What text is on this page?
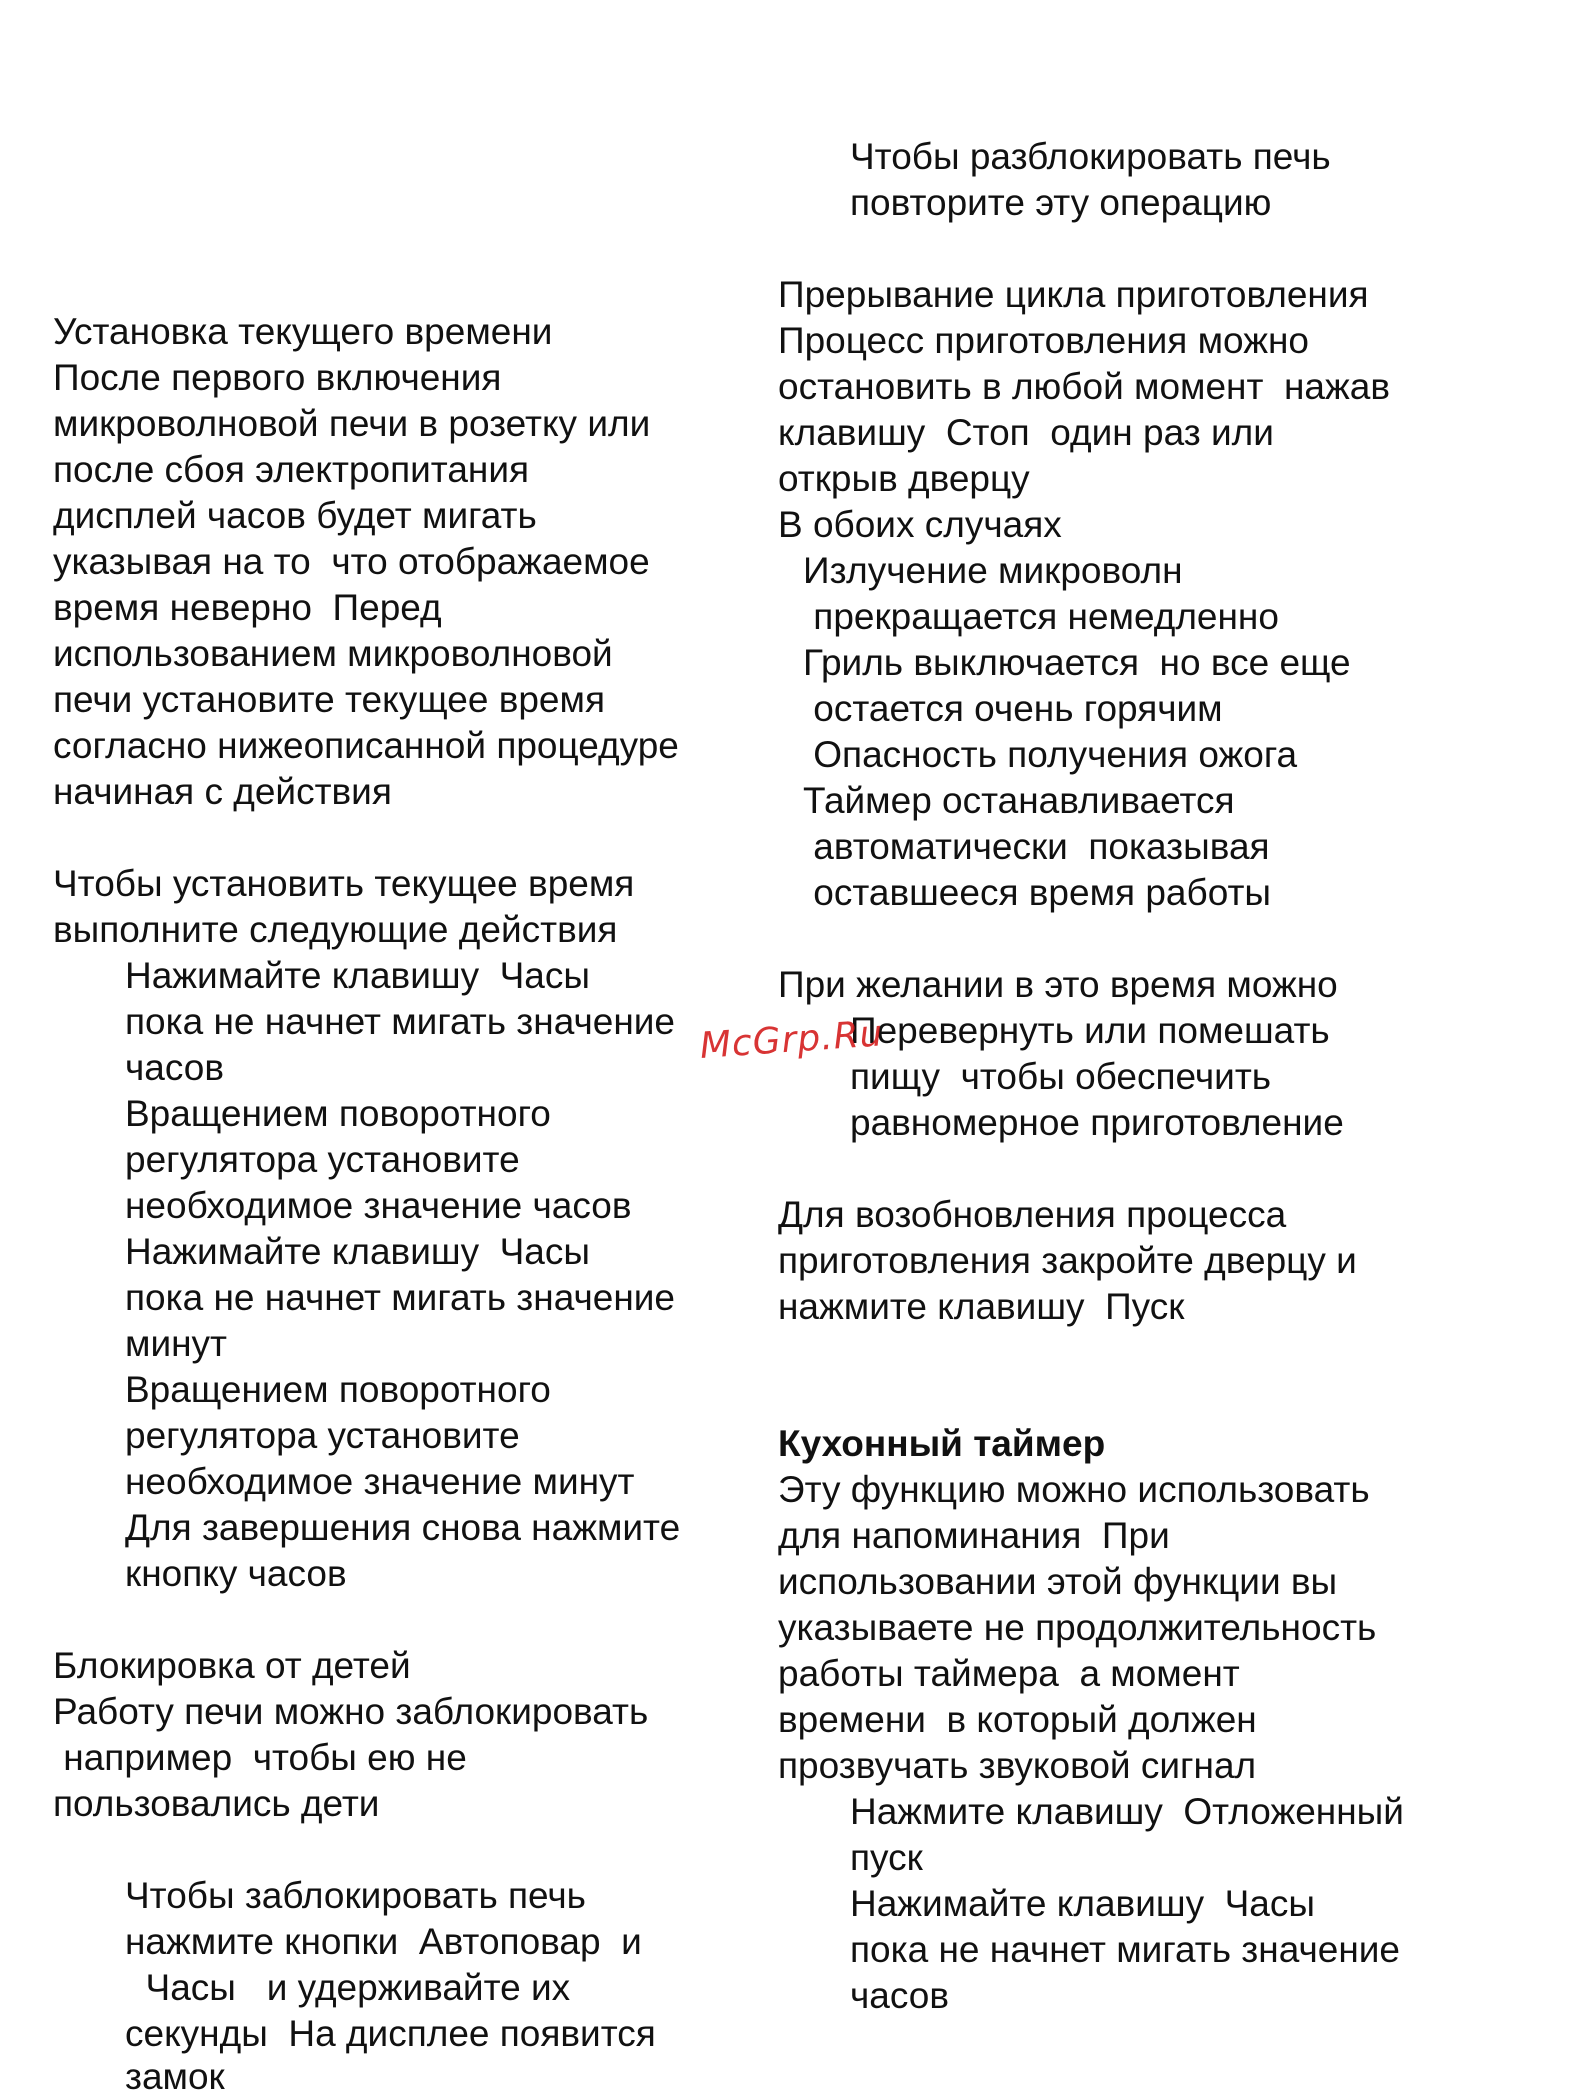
Установка текущего времени
После первого включения
микроволновой печи в розетку или
после сбоя электропитания
дисплей часов будет мигать
указывая на то  что отображаемое
время неверно  Перед
использованием микроволновой
печи установите текущее время
согласно нижеописанной процедуре
начиная с действия
Чтобы установить текущее время
выполните следующие действия
Нажимайте клавишу  Часы
пока не начнет мигать значение
часов
Вращением поворотного
регулятора установите
необходимое значение часов
Нажимайте клавишу  Часы
пока не начнет мигать значение
минут
Вращением поворотного
регулятора установите
необходимое значение минут
Для завершения снова нажмите
кнопку часов
Блокировка от детей
Работу печи можно заблокировать
например  чтобы ею не
пользовались дети
Чтобы заблокировать печь
нажмите кнопки  Автоповар  и
Часы   и удерживайте их
секунды  На дисплее появится
замок
Чтобы разблокировать печь
повторите эту операцию
Прерывание цикла приготовления
Процесс приготовления можно
остановить в любой момент  нажав
клавишу  Стоп  один раз или
открыв дверцу
В обоих случаях
Излучение микроволн
прекращается немедленно
Гриль выключается  но все еще
остается очень горячим
Опасность получения ожога
Таймер останавливается
автоматически  показывая
оставшееся время работы
При желании в это время можно
Перевернуть или помешать
пищу  чтобы обеспечить
равномерное приготовление
Для возобновления процесса
приготовления закройте дверцу и
нажмите клавишу  Пуск
Кухонный таймер
Эту функцию можно использовать
для напоминания  При
использовании этой функции вы
указываете не продолжительность
работы таймера  а момент
времени  в который должен
прозвучать звуковой сигнал
Нажмите клавишу  Отложенный
пуск
Нажимайте клавишу  Часы
пока не начнет мигать значение
часов
McGrp.Ru
